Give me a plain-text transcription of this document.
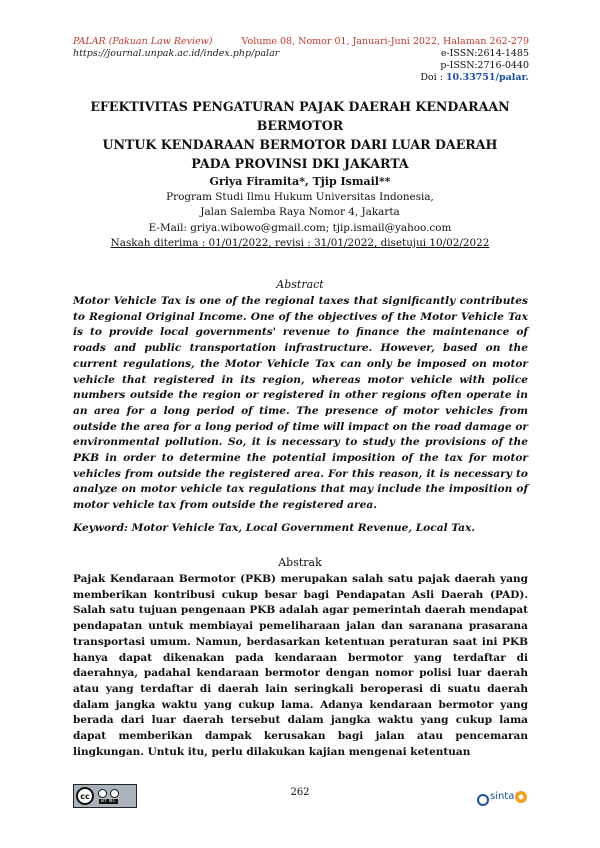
PALAR (Pakuan Law Review)
https://journal.unpak.ac.id/index.php/palar
Volume 08, Nomor 01, Januari-Juni 2022, Halaman 262-279
e-ISSN:2614-1485
p-ISSN:2716-0440
Doi : 10.33751/palar.
EFEKTIVITAS PENGATURAN PAJAK DAERAH KENDARAAN BERMOTOR
UNTUK KENDARAAN BERMOTOR DARI LUAR DAERAH
PADA PROVINSI DKI JAKARTA
Griya Firamita*, Tjip Ismail**
Program Studi Ilmu Hukum Universitas Indonesia,
Jalan Salemba Raya Nomor 4, Jakarta
E-Mail: griya.wibowo@gmail.com; tjip.ismail@yahoo.com
Naskah diterima : 01/01/2022, revisi : 31/01/2022, disetujui 10/02/2022
Abstract

Motor Vehicle Tax is one of the regional taxes that significantly contributes to Regional Original Income. One of the objectives of the Motor Vehicle Tax is to provide local governments' revenue to finance the maintenance of roads and public transportation infrastructure. However, based on the current regulations, the Motor Vehicle Tax can only be imposed on motor vehicle that registered in its region, whereas motor vehicle with police numbers outside the region or registered in other regions often operate in an area for a long period of time. The presence of motor vehicles from outside the area for a long period of time will impact on the road damage or environmental pollution. So, it is necessary to study the provisions of the PKB in order to determine the potential imposition of the tax for motor vehicles from outside the registered area. For this reason, it is necessary to analyze on motor vehicle tax regulations that may include the imposition of motor vehicle tax from outside the registered area.

Keyword: Motor Vehicle Tax, Local Government Revenue, Local Tax.
Abstrak

Pajak Kendaraan Bermotor (PKB) merupakan salah satu pajak daerah yang memberikan kontribusi cukup besar bagi Pendapatan Asli Daerah (PAD). Salah satu tujuan pengenaan PKB adalah agar pemerintah daerah mendapat pendapatan untuk membiayai pemeliharaan jalan dan saranana prasarana transportasi umum. Namun, berdasarkan ketentuan peraturan saat ini PKB hanya dapat dikenakan pada kendaraan bermotor yang terdaftar di daerahnya, padahal kendaraan bermotor dengan nomor polisi luar daerah atau yang terdaftar di daerah lain seringkali beroperasi di suatu daerah dalam jangka waktu yang cukup lama. Adanya kendaraan bermotor yang berada dari luar daerah tersebut dalam jangka waktu yang cukup lama dapat memberikan dampak kerusakan bagi jalan atau pencemaran lingkungan. Untuk itu, perlu dilakukan kajian mengenai ketentuan

cc
BY NC
262	sinta
